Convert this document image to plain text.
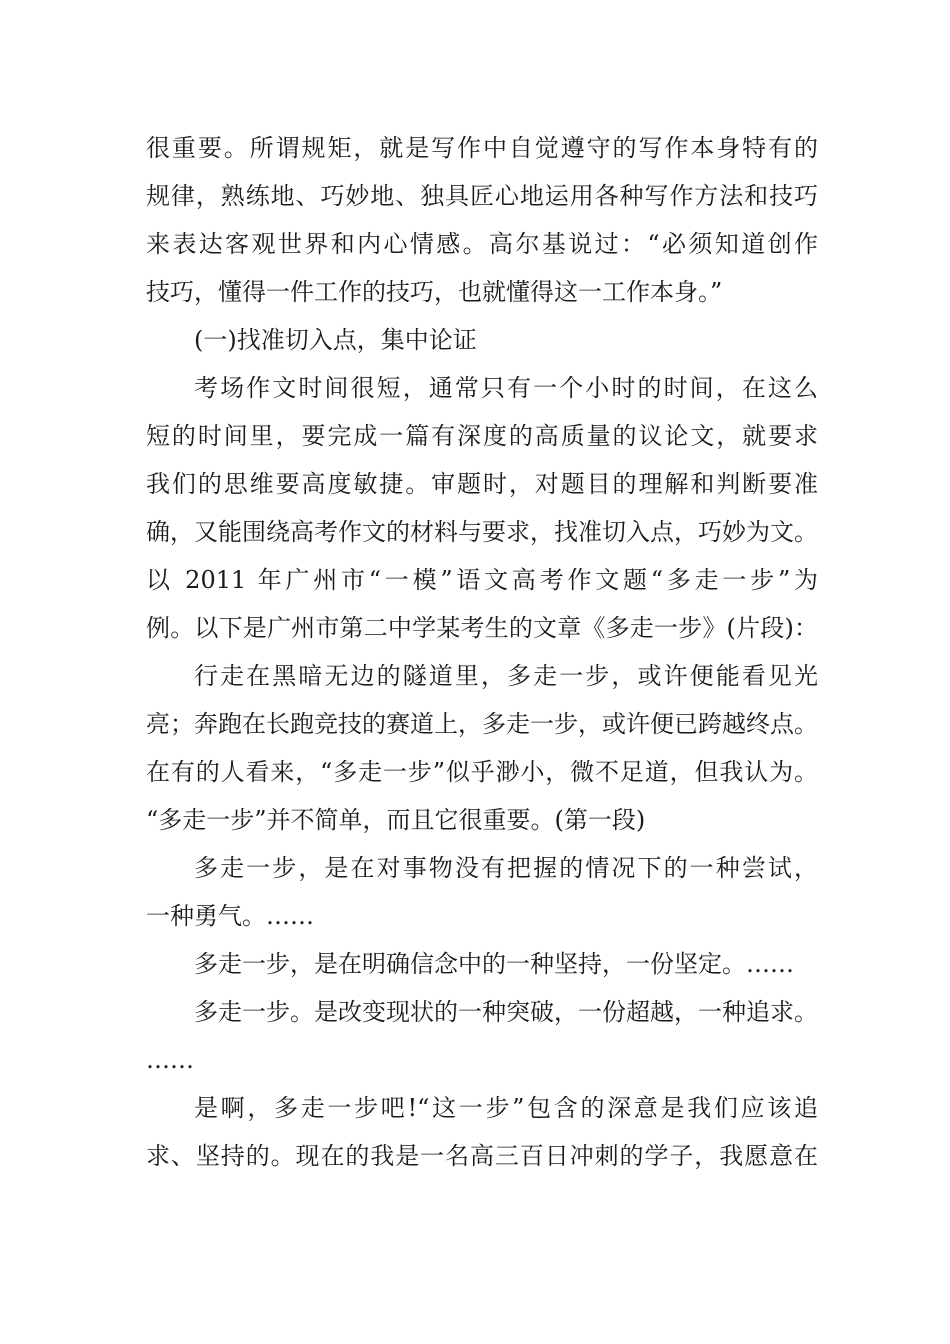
很重要。所谓规矩，就是写作中自觉遵守的写作本身特有的
规律，熟练地、巧妙地、独具匠心地运用各种写作方法和技巧
来表达客观世界和内心情感。高尔基说过：“必须知道创作
技巧，懂得一件工作的技巧，也就懂得这一工作本身。”
(一)找准切入点，集中论证
考场作文时间很短，通常只有一个小时的时间，在这么
短的时间里，要完成一篇有深度的高质量的议论文，就要求
我们的思维要高度敏捷。审题时，对题目的理解和判断要准
确，又能围绕高考作文的材料与要求，找准切入点，巧妙为文。
以 2011 年广州市“一模”语文高考作文题“多走一步”为
例。以下是广州市第二中学某考生的文章《多走一步》(片段)：
行走在黑暗无边的隧道里，多走一步，或许便能看见光
亮；奔跑在长跑竞技的赛道上，多走一步，或许便已跨越终点。
在有的人看来，“多走一步”似乎渺小，微不足道，但我认为。
“多走一步”并不简单，而且它很重要。(第一段)
多走一步，是在对事物没有把握的情况下的一种尝试，
一种勇气。……
多走一步，是在明确信念中的一种坚持，一份坚定。……
多走一步。是改变现状的一种突破，一份超越，一种追求。
……
是啊，多走一步吧!“这一步”包含的深意是我们应该追
求、坚持的。现在的我是一名高三百日冲刺的学子，我愿意在
